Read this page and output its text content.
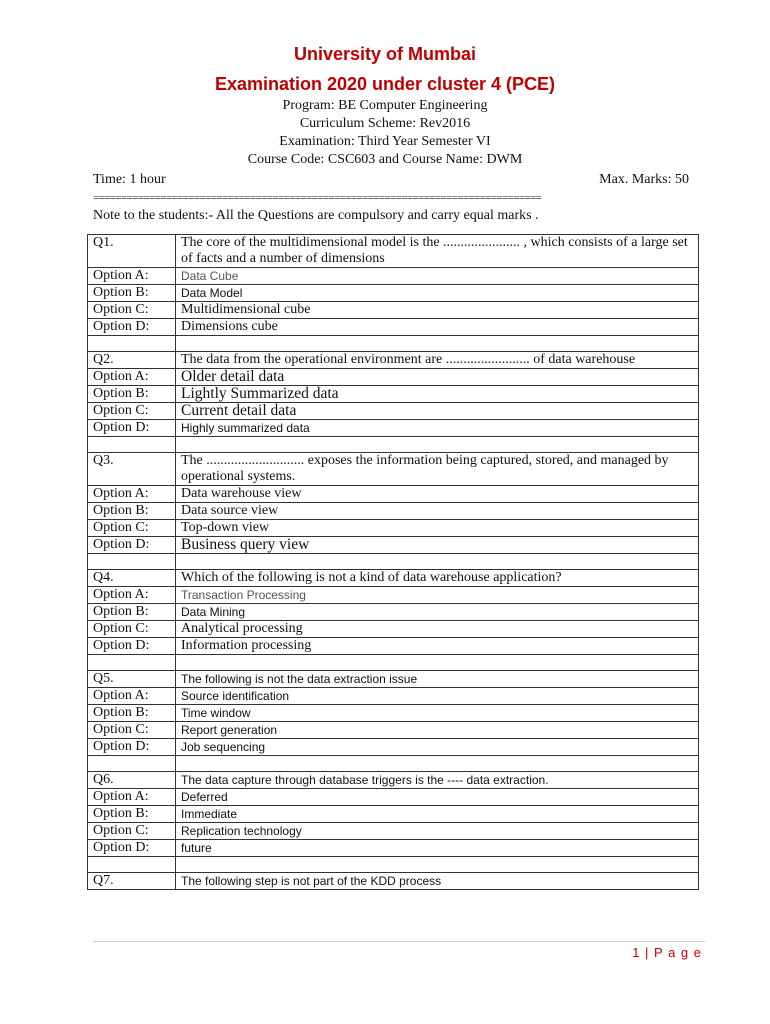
University of Mumbai
Examination 2020 under cluster 4 (PCE)
Program: BE Computer Engineering
Curriculum Scheme: Rev2016
Examination: Third Year Semester VI
Course Code: CSC603 and Course Name: DWM
Time: 1 hour	Max. Marks: 50
================================================================================
Note to the students:- All the Questions are compulsory and carry equal marks .
Q1.	The core of the multidimensional model is the ...................... , which consists of a large set of facts and a number of dimensions
Option A:	Data Cube
Option B:	Data Model
Option C:	Multidimensional cube
Option D:	Dimensions cube

Q2.	The data from the operational environment are ........................ of data warehouse
Option A:	Older detail data
Option B:	Lightly Summarized data
Option C:	Current detail data
Option D:	Highly summarized data

Q3.	The ............................ exposes the information being captured, stored, and managed by operational systems.
Option A:	Data warehouse view
Option B:	Data source view
Option C:	Top-down view
Option D:	Business query view

Q4.	Which of the following is not a kind of data warehouse application?
Option A:	Transaction Processing
Option B:	Data Mining
Option C:	Analytical processing
Option D:	Information processing

Q5.	The following is not the data extraction issue
Option A:	Source identification
Option B:	Time window
Option C:	Report generation
Option D:	Job sequencing

Q6.	The data capture through database triggers is the ---- data extraction.
Option A:	Deferred
Option B:	Immediate
Option C:	Replication technology
Option D:	future

Q7.	The following step is not part of the KDD process
1 | P a g e
